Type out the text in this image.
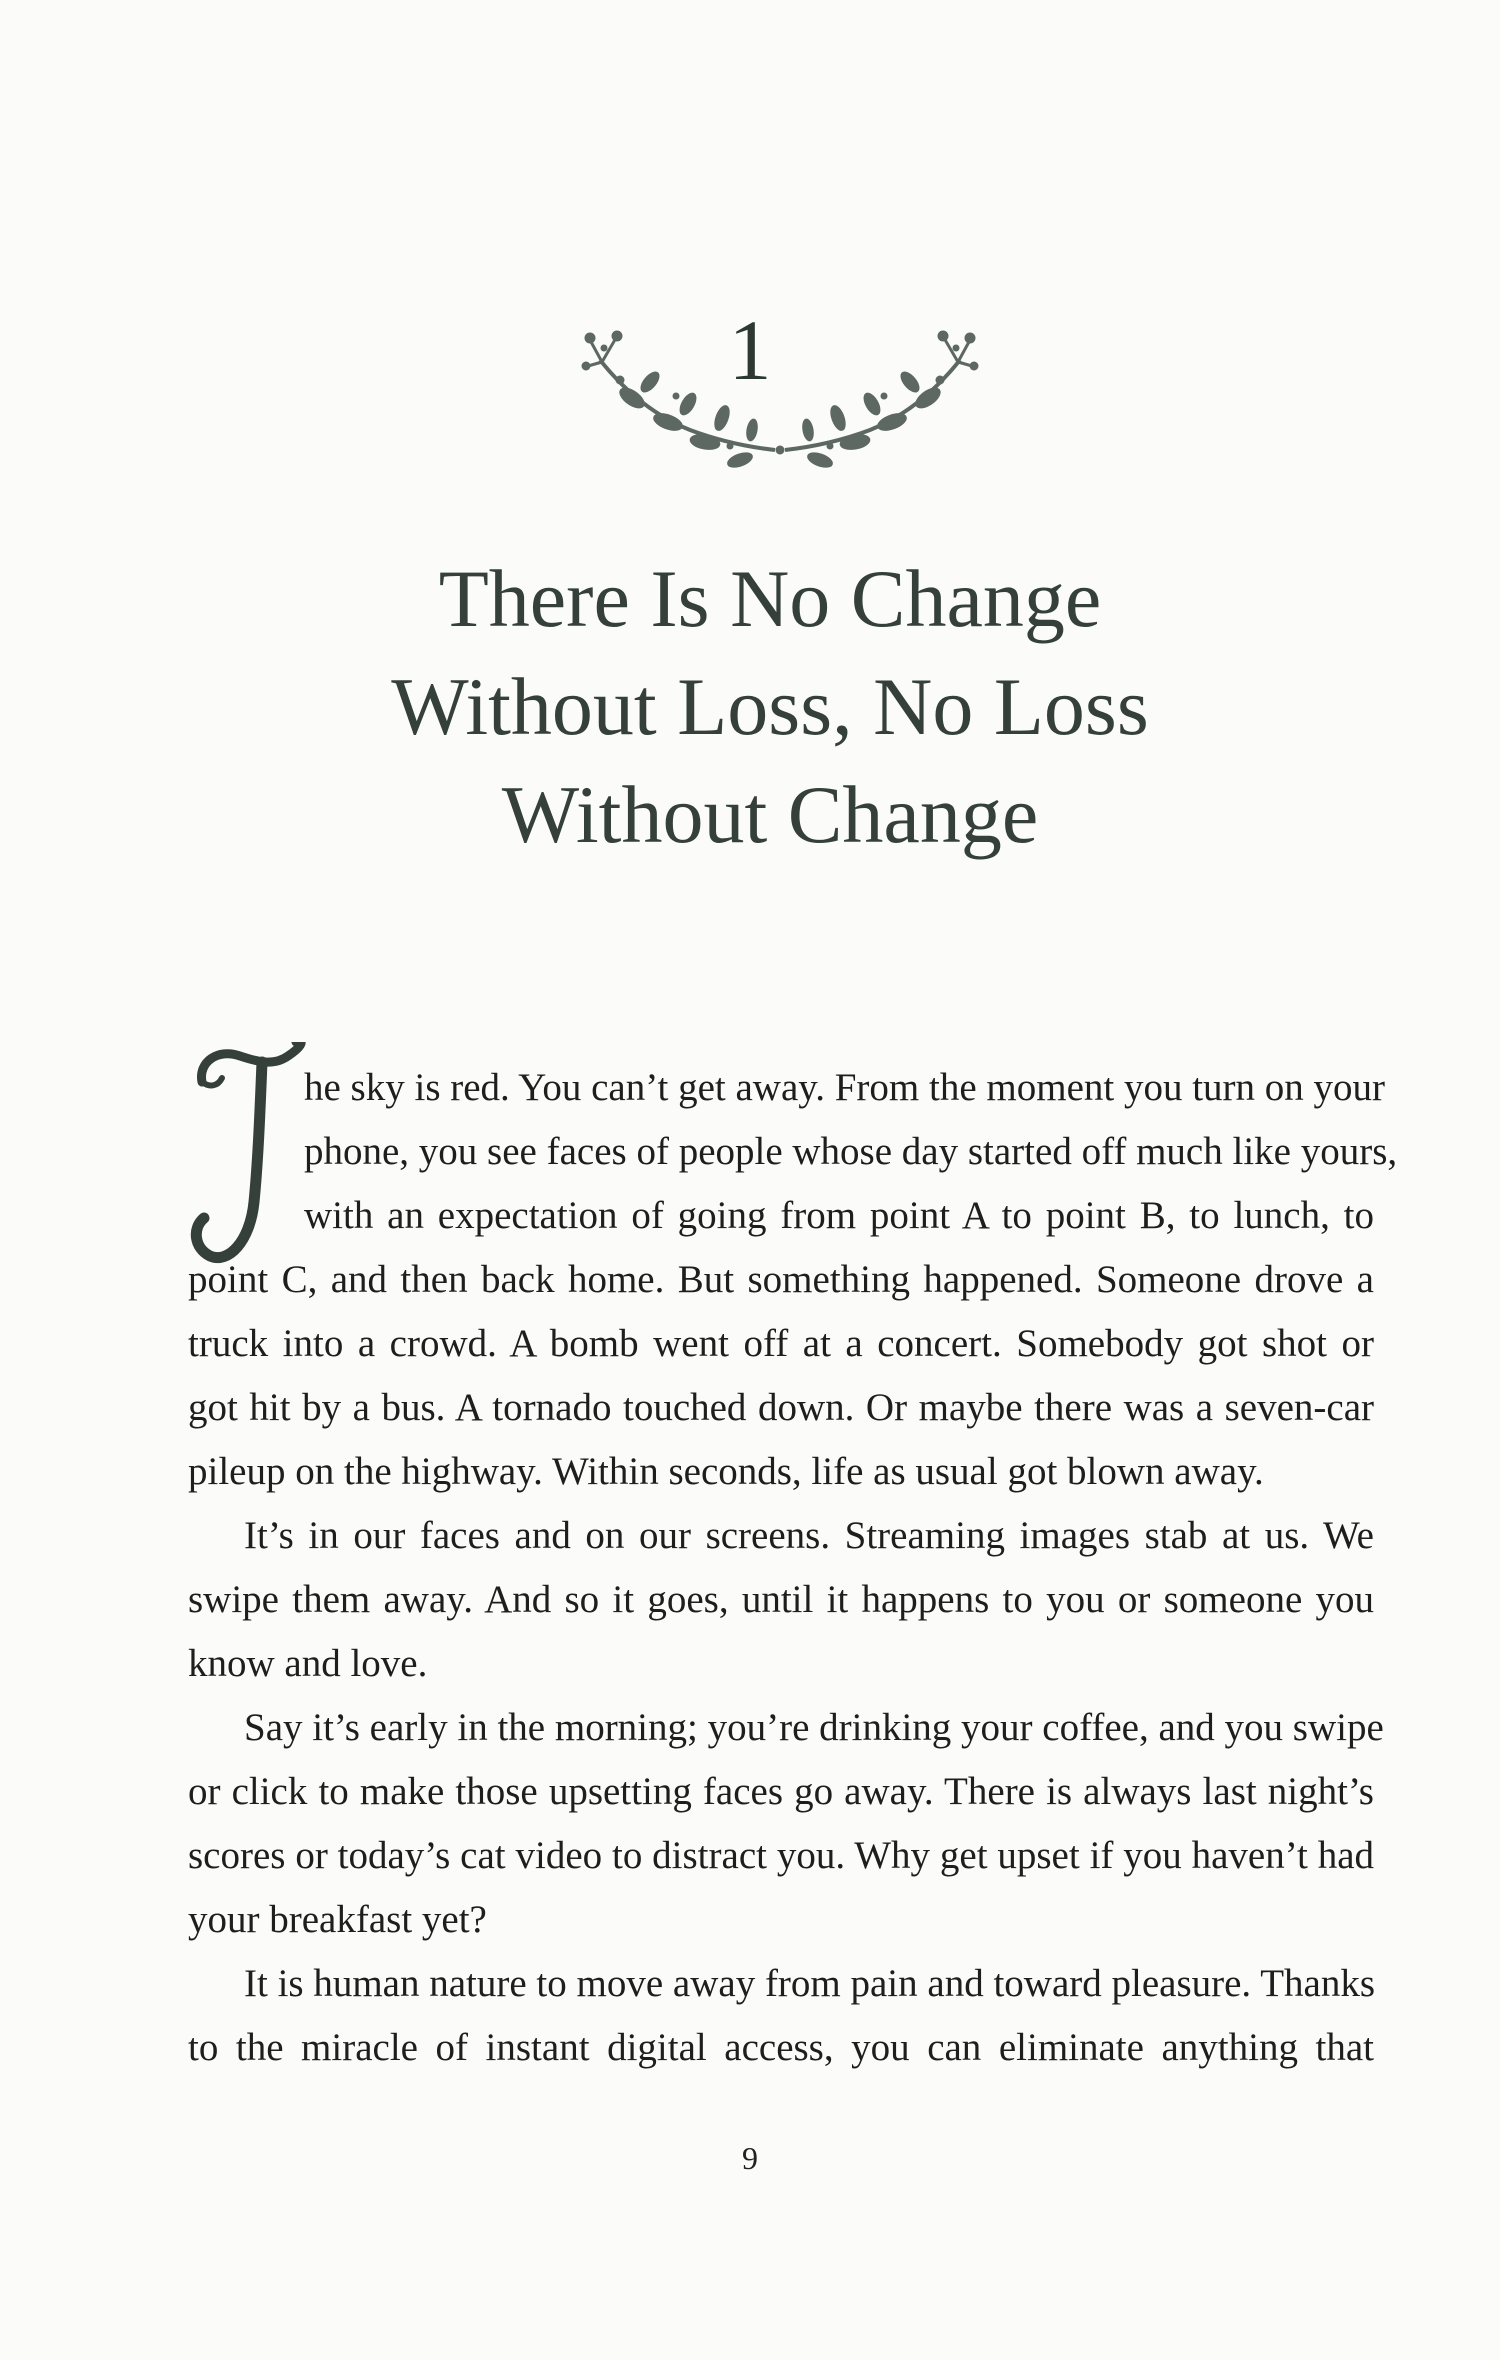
1
There Is No Change
Without Loss, No Loss
Without Change
he sky is red. You can’t get away. From the moment you turn on your
phone, you see faces of people whose day started off much like yours,
with an expectation of going from point A to point B, to lunch, to
point C, and then back home. But something happened. Someone drove a
truck into a crowd. A bomb went off at a concert. Somebody got shot or
got hit by a bus. A tornado touched down. Or maybe there was a seven-car
pileup on the highway. Within seconds, life as usual got blown away.
It’s in our faces and on our screens. Streaming images stab at us. We
swipe them away. And so it goes, until it happens to you or someone you
know and love.
Say it’s early in the morning; you’re drinking your coffee, and you swipe
or click to make those upsetting faces go away. There is always last night’s
scores or today’s cat video to distract you. Why get upset if you haven’t had
your breakfast yet?
It is human nature to move away from pain and toward pleasure. Thanks
to the miracle of instant digital access, you can eliminate anything that
9
